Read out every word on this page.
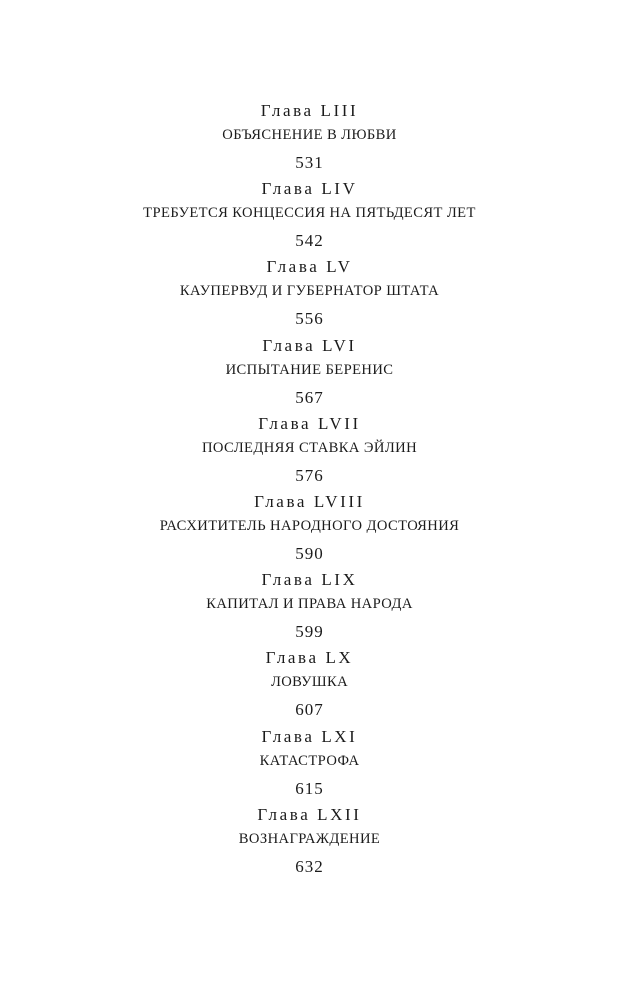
Глава LIII
ОБЪЯСНЕНИЕ В ЛЮБВИ
531
Глава LIV
ТРЕБУЕТСЯ КОНЦЕССИЯ НА ПЯТЬДЕСЯТ ЛЕТ
542
Глава LV
КАУПЕРВУД И ГУБЕРНАТОР ШТАТА
556
Глава LVI
ИСПЫТАНИЕ БЕРЕНИС
567
Глава LVII
ПОСЛЕДНЯЯ СТАВКА ЭЙЛИН
576
Глава LVIII
РАСХИТИТЕЛЬ НАРОДНОГО ДОСТОЯНИЯ
590
Глава LIX
КАПИТАЛ И ПРАВА НАРОДА
599
Глава LX
ЛОВУШКА
607
Глава LXI
КАТАСТРОФА
615
Глава LXII
ВОЗНАГРАЖДЕНИЕ
632
